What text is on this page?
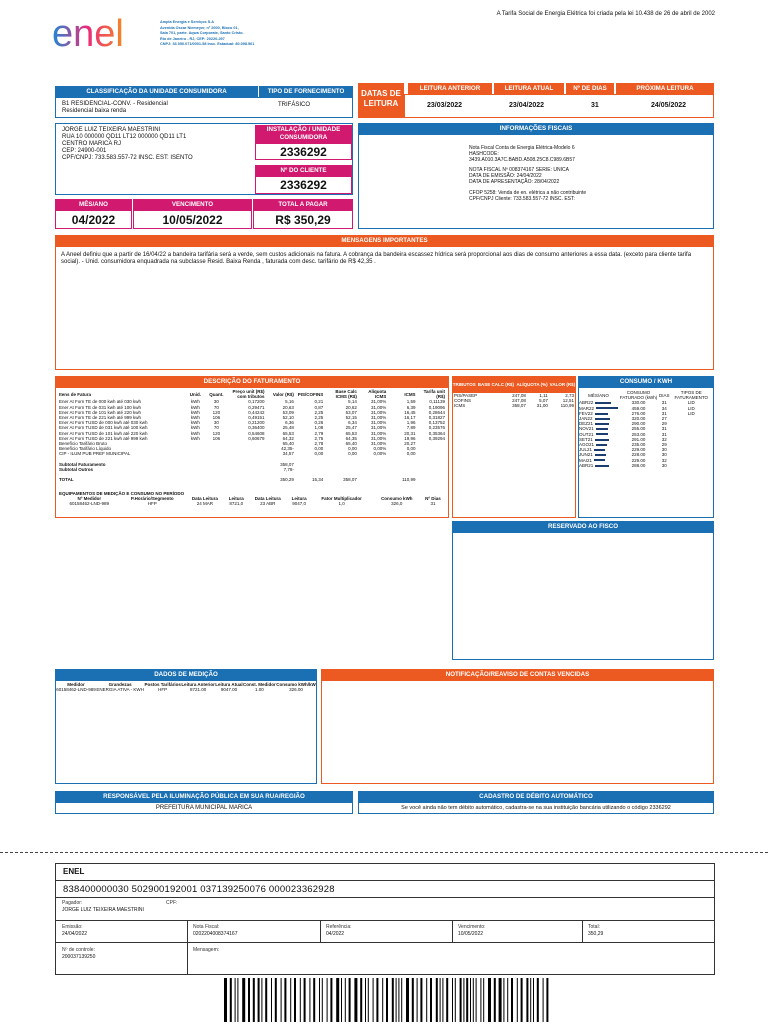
enel	Ampla Energia e Serviços S.A
Avenida Oscar Niemeyer, nº 2000, Bloco 01,
Sala 701, parte. Aqwa Corporate, Santo Cristo.
Rio de Janeiro - RJ, CEP: 20220-297
CNPJ: 33.050.071/0001-58 Insc. Estadual: 80.098.561
A Tarifa Social de Energia Elétrica foi criada pela lei 10.438 de 26 de abril de 2002
CLASSIFICAÇÃO DA UNIDADE CONSUMIDORA	TIPO DE FORNECIMENTO
B1 RESIDENCIAL-CONV. - Residencial
Residencial baixa renda
TRIFÁSICO
DATAS DE LEITURA
LEITURA ANTERIOR	LEITURA ATUAL	Nº DE DIAS	PRÓXIMA LEITURA
23/03/2022	23/04/2022	31	24/05/2022
JORGE LUIZ TEIXEIRA MAESTRINI
RUA 10 000000 QD11 LT12 000000 QD11 LT1
CENTRO MARICA RJ
CEP: 24900-001
CPF/CNPJ: 733.583.557-72 INSC. EST: ISENTO
INSTALAÇÃO / UNIDADE CONSUMIDORA
2336292
Nº DO CLIENTE
2336292
MÊS/ANO	VENCIMENTO	TOTAL A PAGAR
04/2022	10/05/2022	R$ 350,29
INFORMAÇÕES FISCAIS
Nota Fiscal Conta de Energia Elétrica-Modelo 6
HASHCODE:
3439.A010.3A7C.BABD.A508.25C8.C989.6B57
NOTA FISCAL Nº 008374167 SERIE: UNICA
DATA DE EMISSÃO: 24/04/2022
DATA DE APRESENTAÇÃO: 28/04/2022
CFOP 5258: Venda de en. elétrica a não contribuinte
CPF/CNPJ Cliente: 733.583.557-72 INSC. EST:
MENSAGENS IMPORTANTES
A Aneel definiu que a partir de 16/04/22 a bandeira tarifária será a verde, sem custos adicionais na fatura. A cobrança da bandeira escassez hídrica será proporcional aos dias de consumo anteriores a essa data. (exceto para cliente tarifa social). - Unid. consumidora enquadrada na subclasse Resid. Baixa Renda , faturada com desc. tarifário de R$ 42,35 .
DESCRIÇÃO DO FATURAMENTO
Itens de Fatura	Unid.	Quant.	Preço unit (R$) com tributos	Valor (R$)	PIS/COFINS	Base Calc ICMS (R$)	Alíquota ICMS	ICMS	Tarifa unit (R$)
Ener At Forn TE de 000 kwh até 030 kwh	kWh	30	0,17200	5,16	0,21	5,14	31,00%	1,59	0,11139
Ener At Forn TE de 031 kwh até 100 kwh	kWh	70	0,29471	20,63	0,87	20,62	31,00%	6,39	0,19096
Ener At Forn TE de 101 kwh até 220 kwh	kWh	120	0,44242	53,09	2,25	53,07	31,00%	16,45	0,28644
Ener At Forn TE de 221 kwh até 999 kwh	kWh	106	0,49151	52,10	2,25	52,15	31,00%	16,17	0,31827
Ener At Forn TUSD de 000 kwh até 030 kwh	kWh	30	0,21200	6,36	0,26	6,34	31,00%	1,96	0,13752
Ener At Forn TUSD de 031 kwh até 100 kwh	kWh	70	0,36400	25,48	1,08	25,47	31,00%	7,89	0,23576
Ener At Forn TUSD de 101 kwh até 220 kwh	kWh	120	0,54608	65,53	2,79	65,53	31,00%	20,31	0,35364
Ener At Forn TUSD de 221 kwh até 999 kwh	kWh	106	0,60679	64,32	2,75	64,35	31,00%	19,96	0,39294
Benefício Tarifário Bruto				65,40	2,78	65,40	31,00%	20,27	
Benefício Tarifário Líquido				42,35-	0,00	0,00	0,00%	0,00	
CIP - ILUM PUB PREF MUNICIPAL				34,57	0,00	0,00	0,00%	0,00	

Subtotal Faturamento				358,07					
Subtotal Outros				7,78-					

TOTAL				350,29	15,34	358,07		110,99	
EQUIPAMENTOS DE MEDIÇÃO E CONSUMO NO PERÍODO
Nº Medidor	P.Horário/Segmento	Data Leitura	Leitura	Data Leitura	Leitura	Fator Multiplicador	Consumo kWh	Nº Dias
60158462-LND-989	HFP	24 MAR	8721,0	23 ABR	9047,0	1,0	326,0	31
TRIBUTOS	BASE CALC (R$)	ALÍQUOTA (%)	VALOR (R$)
PIS/PASEP	247,08	1,11	2,73
COFINS	247,08	5,07	12,51
ICMS	358,07	31,00	110,99
CONSUMO / KWH
MÊS/ANO	CONSUMO FATURADO (kWh)	DIAS	TIPOS DE FATURAMENTO
ABR22	330.00	31	LID
MAR22	459.00	34	LID
FEV22	276.00	31	LID
JAN22	320.00	27	
DEZ21	290.00	29	
NOV21	255.00	31	
OUT21	253.00	31	
SET21	291.00	32	
AGO21	235.00	29	
JUL21	229.00	30	
JUN21	228.00	30	
MAI21	229.00	32	
ABR21	288.00	30	
RESERVADO AO FISCO
DADOS DE MEDIÇÃO
Medidor	Grandezas	Postos Tarifários	Leitura Anterior	Leitura Atual	Const. Medidor	Consumo kWh/kW
60158462-LND-989	ENERGIA ATIVA - KWH	HFP	8721.00	9047.00	1.00	326.00
NOTIFICAÇÃO/REAVISO DE CONTAS VENCIDAS
RESPONSÁVEL PELA ILUMINAÇÃO PÚBLICA EM SUA RUA/REGIÃO
PREFEITURA MUNICIPAL MARICA
CADASTRO DE DÉBITO AUTOMÁTICO
Se você ainda não tem débito automático, cadastra-se na sua instituição bancária utilizando o código 2336292
ENEL
838400000030 502900192001 037139250076 000023362928
Pagador:	CPF:
JORGE LUIZ TEIXEIRA MAESTRINI
Emissão:
24/04/2022
Nota Fiscal:
0202204008374167
Referência:
04/2022
Vencimento:
10/05/2022
Total:
350,29
Nº de controle:
200037139250
Mensagem:
